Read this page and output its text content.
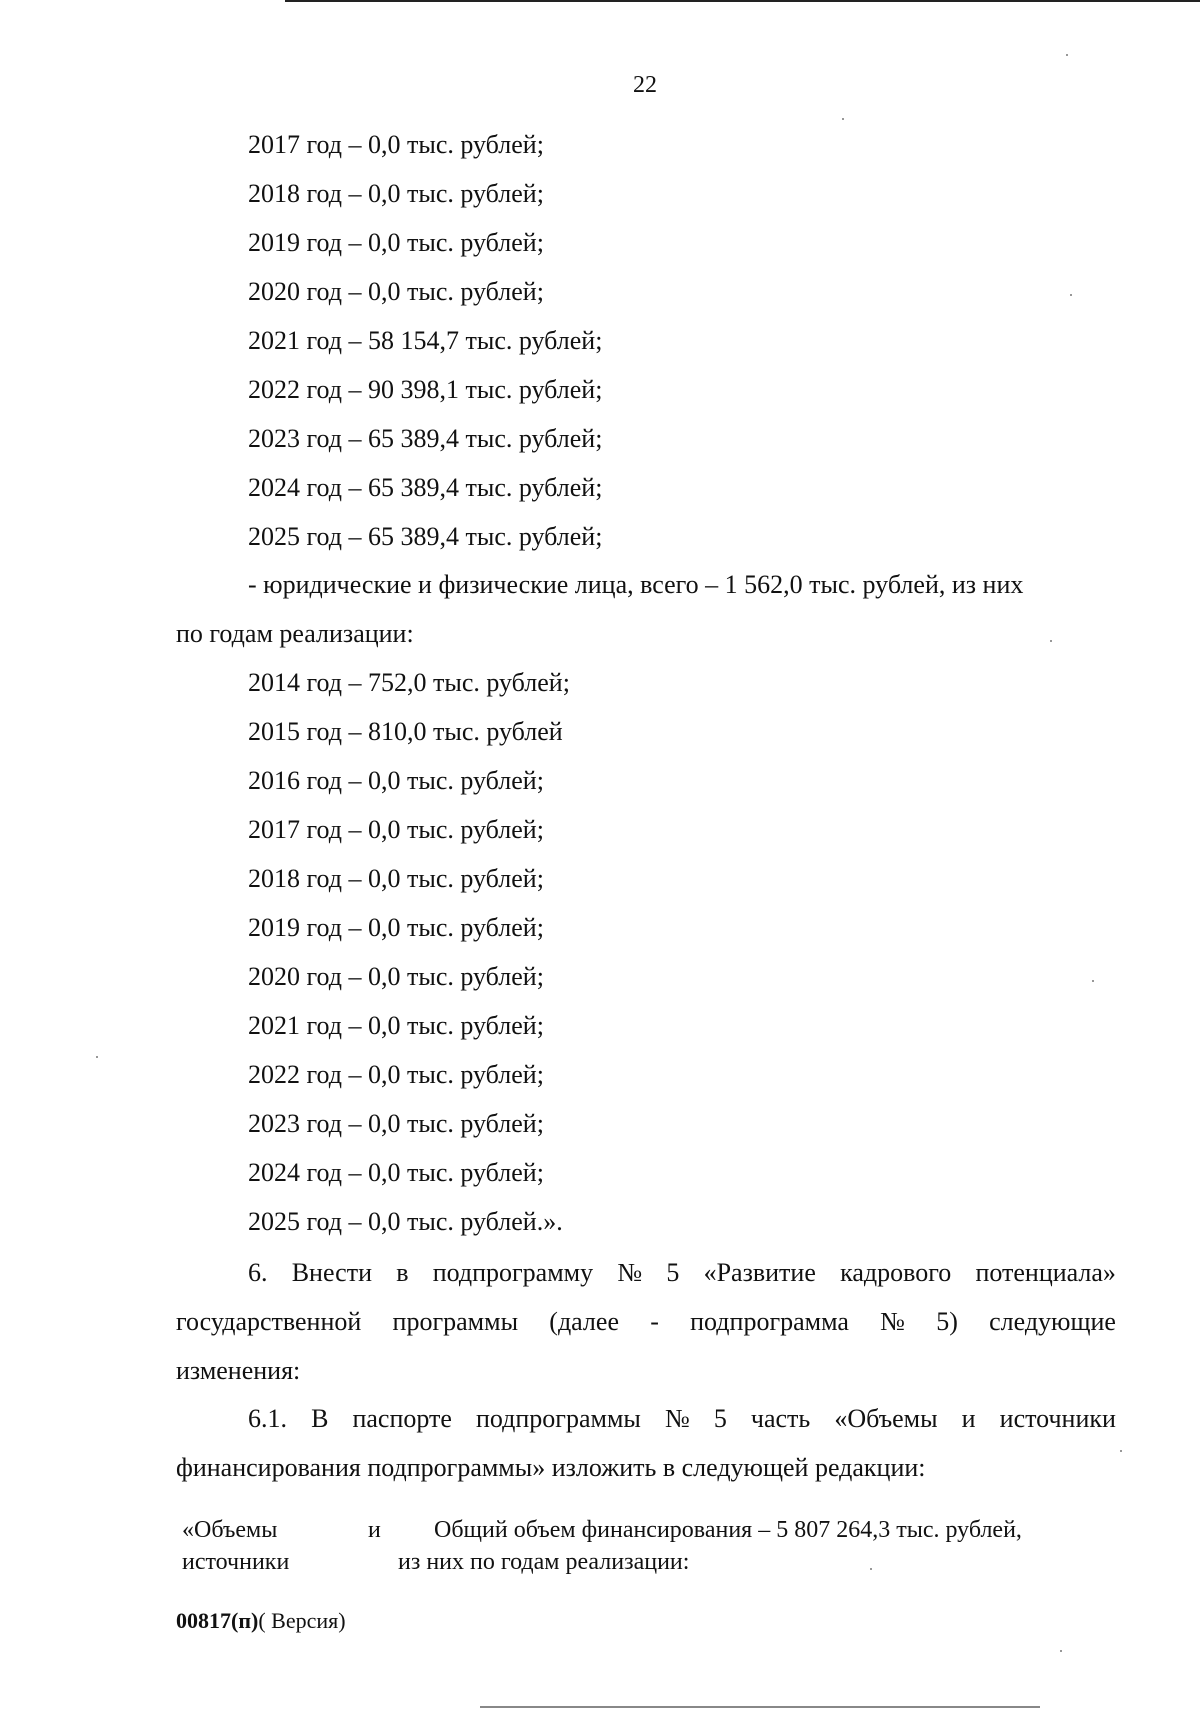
22
2017 год – 0,0 тыс. рублей;
2018 год – 0,0 тыс. рублей;
2019 год – 0,0 тыс. рублей;
2020 год – 0,0 тыс. рублей;
2021 год – 58 154,7 тыс. рублей;
2022 год – 90 398,1 тыс. рублей;
2023 год – 65 389,4 тыс. рублей;
2024 год – 65 389,4 тыс. рублей;
2025 год – 65 389,4 тыс. рублей;
- юридические и физические лица, всего – 1 562,0 тыс. рублей, из них
по годам реализации:
2014 год – 752,0 тыс. рублей;
2015 год – 810,0 тыс. рублей
2016 год – 0,0 тыс. рублей;
2017 год – 0,0 тыс. рублей;
2018 год – 0,0 тыс. рублей;
2019 год – 0,0 тыс. рублей;
2020 год – 0,0 тыс. рублей;
2021 год – 0,0 тыс. рублей;
2022 год – 0,0 тыс. рублей;
2023 год – 0,0 тыс. рублей;
2024 год – 0,0 тыс. рублей;
2025 год – 0,0 тыс. рублей.».
6. Внести в подпрограмму № 5 «Развитие кадрового потенциала»
государственной программы (далее - подпрограмма № 5) следующие
изменения:
6.1. В паспорте подпрограммы № 5 часть «Объемы и источники
финансирования подпрограммы» изложить в следующей редакции:
«Объемы	и
источники
Общий объем финансирования – 5 807 264,3 тыс. рублей,
из них по годам реализации:
00817(п)( Версия)
